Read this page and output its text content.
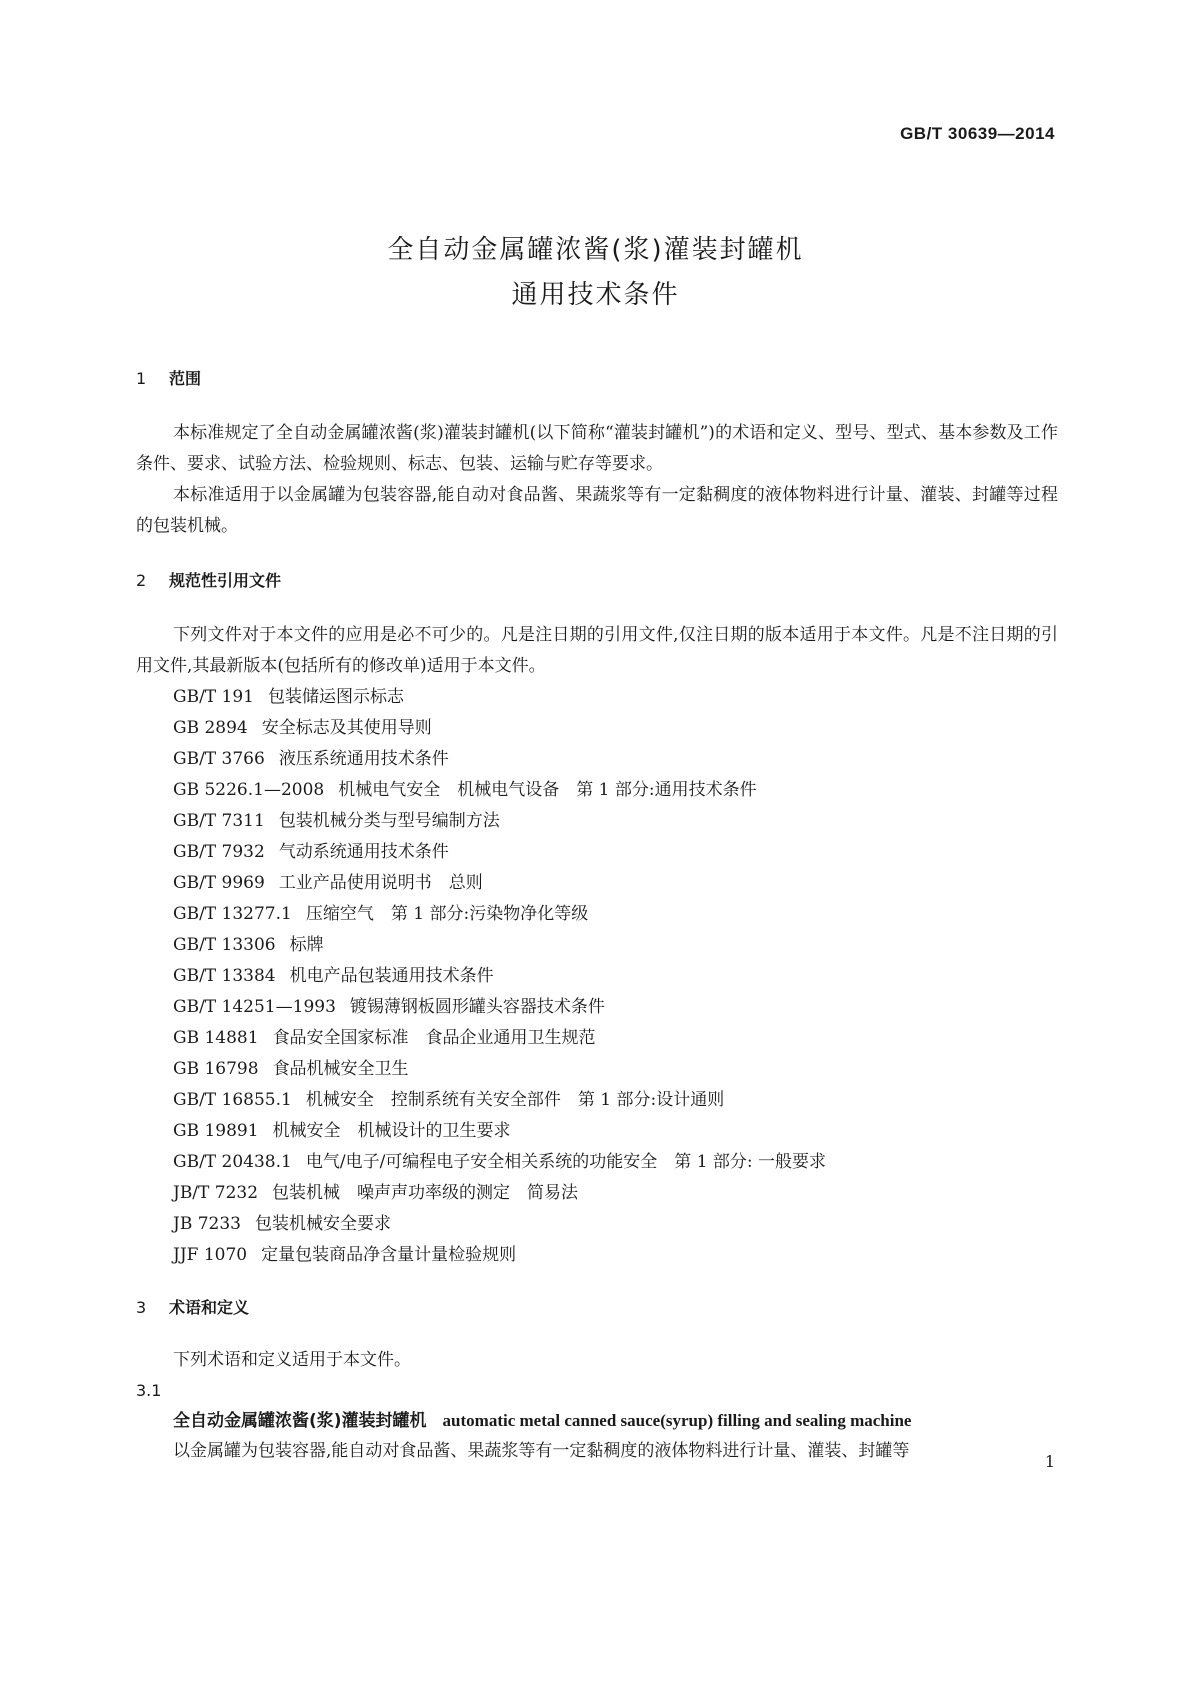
GB/T 30639—2014
全自动金属罐浓酱(浆)灌装封罐机
通用技术条件
1 范围

本标准规定了全自动金属罐浓酱(浆)灌装封罐机(以下简称“灌装封罐机”)的术语和定义、型号、型式、基本参数及工作条件、要求、试验方法、检验规则、标志、包装、运输与贮存等要求。

本标准适用于以金属罐为包装容器,能自动对食品酱、果蔬浆等有一定黏稠度的液体物料进行计量、灌装、封罐等过程的包装机械。

2 规范性引用文件

下列文件对于本文件的应用是必不可少的。凡是注日期的引用文件,仅注日期的版本适用于本文件。凡是不注日期的引用文件,其最新版本(包括所有的修改单)适用于本文件。

GB/T 191 包装储运图示标志
GB 2894 安全标志及其使用导则
GB/T 3766 液压系统通用技术条件
GB 5226.1—2008 机械电气安全　机械电气设备　第 1 部分:通用技术条件
GB/T 7311 包装机械分类与型号编制方法
GB/T 7932 气动系统通用技术条件
GB/T 9969 工业产品使用说明书　总则
GB/T 13277.1 压缩空气　第 1 部分:污染物净化等级
GB/T 13306 标牌
GB/T 13384 机电产品包装通用技术条件
GB/T 14251—1993 镀锡薄钢板圆形罐头容器技术条件
GB 14881 食品安全国家标准　食品企业通用卫生规范
GB 16798 食品机械安全卫生
GB/T 16855.1 机械安全　控制系统有关安全部件　第 1 部分:设计通则
GB 19891 机械安全　机械设计的卫生要求
GB/T 20438.1 电气/电子/可编程电子安全相关系统的功能安全　第 1 部分: 一般要求
JB/T 7232 包装机械　噪声声功率级的测定　简易法
JB 7233 包装机械安全要求
JJF 1070 定量包装商品净含量计量检验规则
3 术语和定义

下列术语和定义适用于本文件。

3.1
全自动金属罐浓酱(浆)灌装封罐机 automatic metal canned sauce(syrup) filling and sealing machine

以金属罐为包装容器,能自动对食品酱、果蔬浆等有一定黏稠度的液体物料进行计量、灌装、封罐等

1
